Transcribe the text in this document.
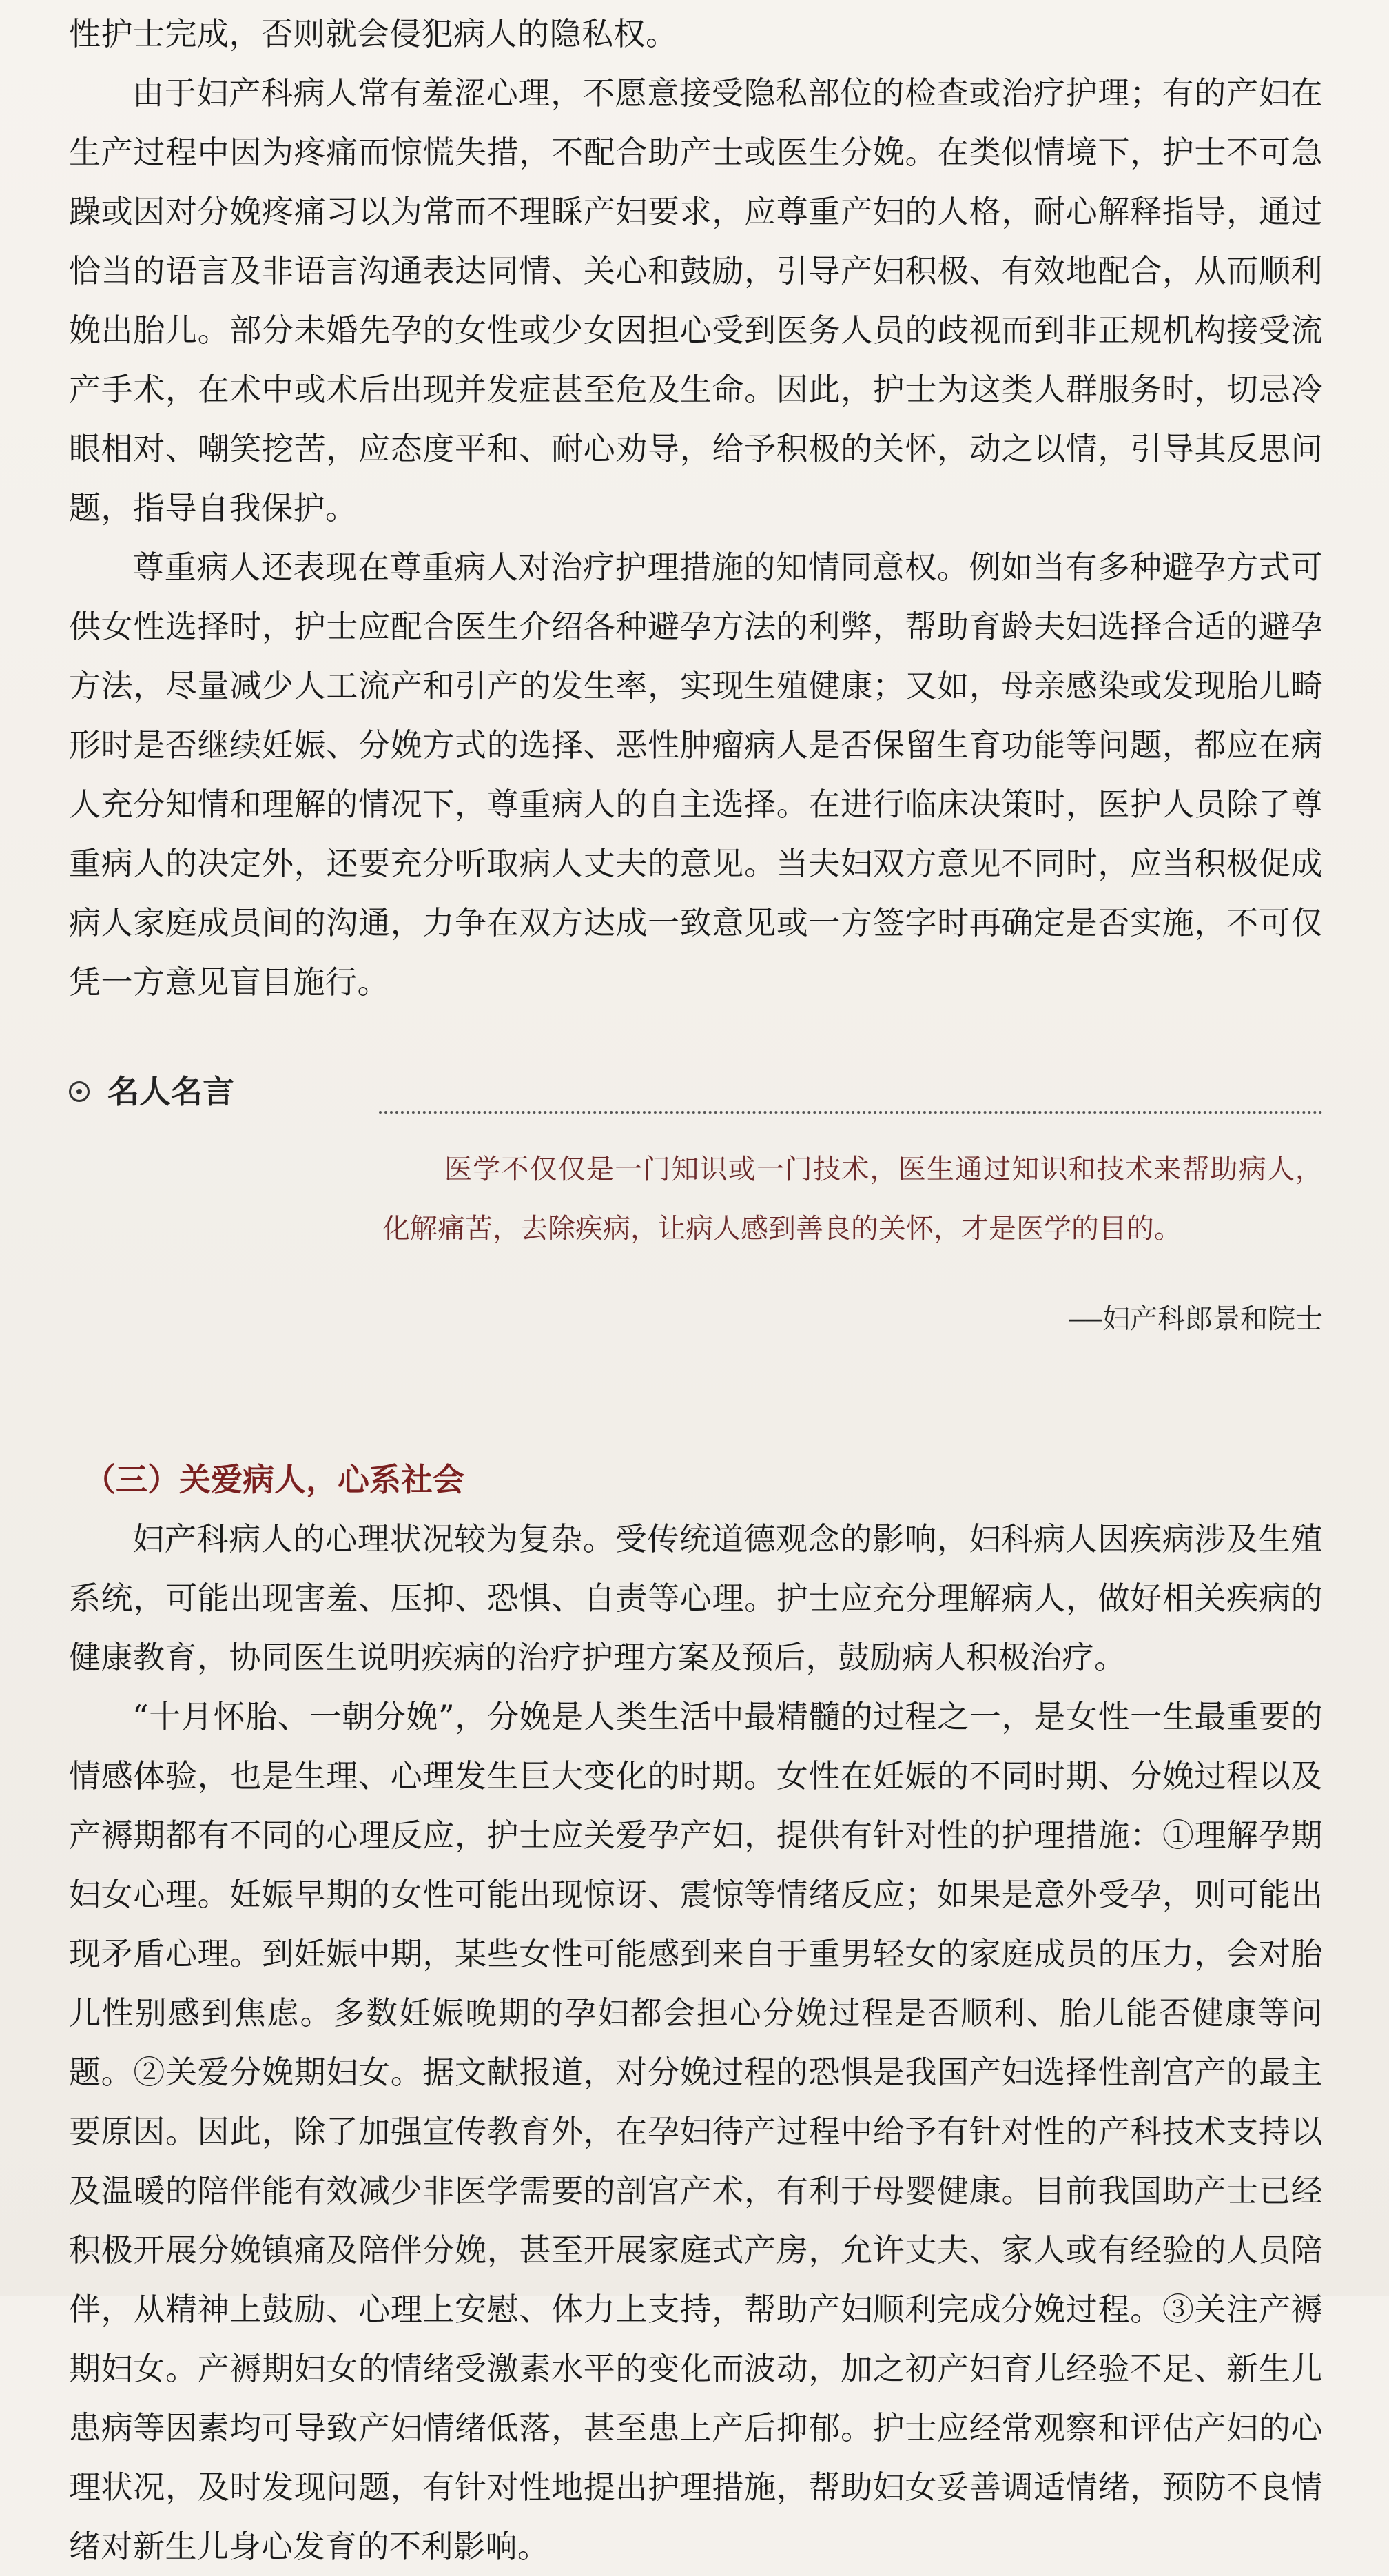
性护士完成，否则就会侵犯病人的隐私权。

由于妇产科病人常有羞涩心理，不愿意接受隐私部位的检查或治疗护理；有的产妇在生产过程中因为疼痛而惊慌失措，不配合助产士或医生分娩。在类似情境下，护士不可急躁或因对分娩疼痛习以为常而不理睬产妇要求，应尊重产妇的人格，耐心解释指导，通过恰当的语言及非语言沟通表达同情、关心和鼓励，引导产妇积极、有效地配合，从而顺利娩出胎儿。部分未婚先孕的女性或少女因担心受到医务人员的歧视而到非正规机构接受流产手术，在术中或术后出现并发症甚至危及生命。因此，护士为这类人群服务时，切忌冷眼相对、嘲笑挖苦，应态度平和、耐心劝导，给予积极的关怀，动之以情，引导其反思问题，指导自我保护。

尊重病人还表现在尊重病人对治疗护理措施的知情同意权。例如当有多种避孕方式可供女性选择时，护士应配合医生介绍各种避孕方法的利弊，帮助育龄夫妇选择合适的避孕方法，尽量减少人工流产和引产的发生率，实现生殖健康；又如，母亲感染或发现胎儿畸形时是否继续妊娠、分娩方式的选择、恶性肿瘤病人是否保留生育功能等问题，都应在病人充分知情和理解的情况下，尊重病人的自主选择。在进行临床决策时，医护人员除了尊重病人的决定外，还要充分听取病人丈夫的意见。当夫妇双方意见不同时，应当积极促成病人家庭成员间的沟通，力争在双方达成一致意见或一方签字时再确定是否实施，不可仅凭一方意见盲目施行。

名人名言
医学不仅仅是一门知识或一门技术，医生通过知识和技术来帮助病人，化解痛苦，去除疾病，让病人感到善良的关怀，才是医学的目的。
——妇产科郎景和院士
（三）关爱病人，心系社会

妇产科病人的心理状况较为复杂。受传统道德观念的影响，妇科病人因疾病涉及生殖系统，可能出现害羞、压抑、恐惧、自责等心理。护士应充分理解病人，做好相关疾病的健康教育，协同医生说明疾病的治疗护理方案及预后，鼓励病人积极治疗。

“十月怀胎、一朝分娩”，分娩是人类生活中最精髓的过程之一，是女性一生最重要的情感体验，也是生理、心理发生巨大变化的时期。女性在妊娠的不同时期、分娩过程以及产褥期都有不同的心理反应，护士应关爱孕产妇，提供有针对性的护理措施：①理解孕期妇女心理。妊娠早期的女性可能出现惊讶、震惊等情绪反应；如果是意外受孕，则可能出现矛盾心理。到妊娠中期，某些女性可能感到来自于重男轻女的家庭成员的压力，会对胎儿性别感到焦虑。多数妊娠晚期的孕妇都会担心分娩过程是否顺利、胎儿能否健康等问题。②关爱分娩期妇女。据文献报道，对分娩过程的恐惧是我国产妇选择性剖宫产的最主要原因。因此，除了加强宣传教育外，在孕妇待产过程中给予有针对性的产科技术支持以及温暖的陪伴能有效减少非医学需要的剖宫产术，有利于母婴健康。目前我国助产士已经积极开展分娩镇痛及陪伴分娩，甚至开展家庭式产房，允许丈夫、家人或有经验的人员陪伴，从精神上鼓励、心理上安慰、体力上支持，帮助产妇顺利完成分娩过程。③关注产褥期妇女。产褥期妇女的情绪受激素水平的变化而波动，加之初产妇育儿经验不足、新生儿患病等因素均可导致产妇情绪低落，甚至患上产后抑郁。护士应经常观察和评估产妇的心理状况，及时发现问题，有针对性地提出护理措施，帮助妇女妥善调适情绪，预防不良情绪对新生儿身心发育的不利影响。
